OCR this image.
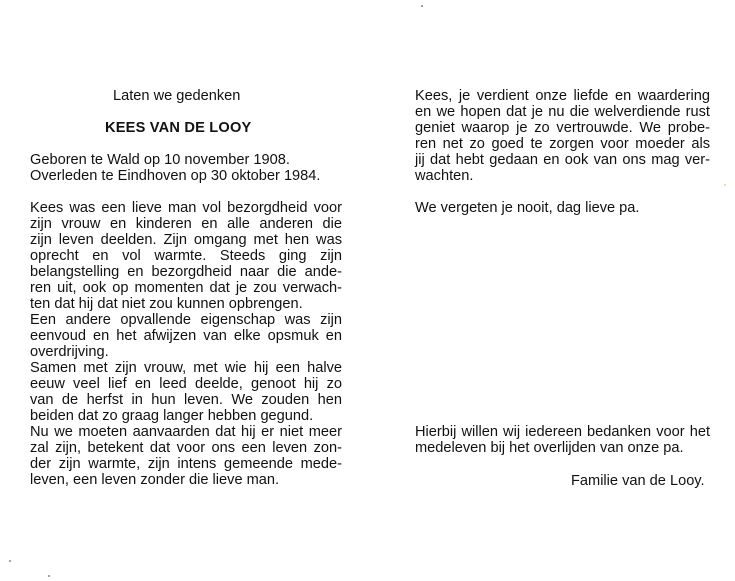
Laten we gedenken
KEES VAN DE LOOY
Geboren te Wald op 10 november 1908.
Overleden te Eindhoven op 30 oktober 1984.
Kees was een lieve man vol bezorgdheid voor
zijn vrouw en kinderen en alle anderen die
zijn leven deelden. Zijn omgang met hen was
oprecht en vol warmte. Steeds ging zijn
belangstelling en bezorgdheid naar die ande-
ren uit, ook op momenten dat je zou verwach-
ten dat hij dat niet zou kunnen opbrengen.
Een andere opvallende eigenschap was zijn
eenvoud en het afwijzen van elke opsmuk en
overdrijving.
Samen met zijn vrouw, met wie hij een halve
eeuw veel lief en leed deelde, genoot hij zo
van de herfst in hun leven. We zouden hen
beiden dat zo graag langer hebben gegund.
Nu we moeten aanvaarden dat hij er niet meer
zal zijn, betekent dat voor ons een leven zon-
der zijn warmte, zijn intens gemeende mede-
leven, een leven zonder die lieve man.
Kees, je verdient onze liefde en waardering
en we hopen dat je nu die welverdiende rust
geniet waarop je zo vertrouwde. We probe-
ren net zo goed te zorgen voor moeder als
jij dat hebt gedaan en ook van ons mag ver-
wachten.
We vergeten je nooit, dag lieve pa.
Hierbij willen wij iedereen bedanken voor het
medeleven bij het overlijden van onze pa.
Familie van de Looy.
